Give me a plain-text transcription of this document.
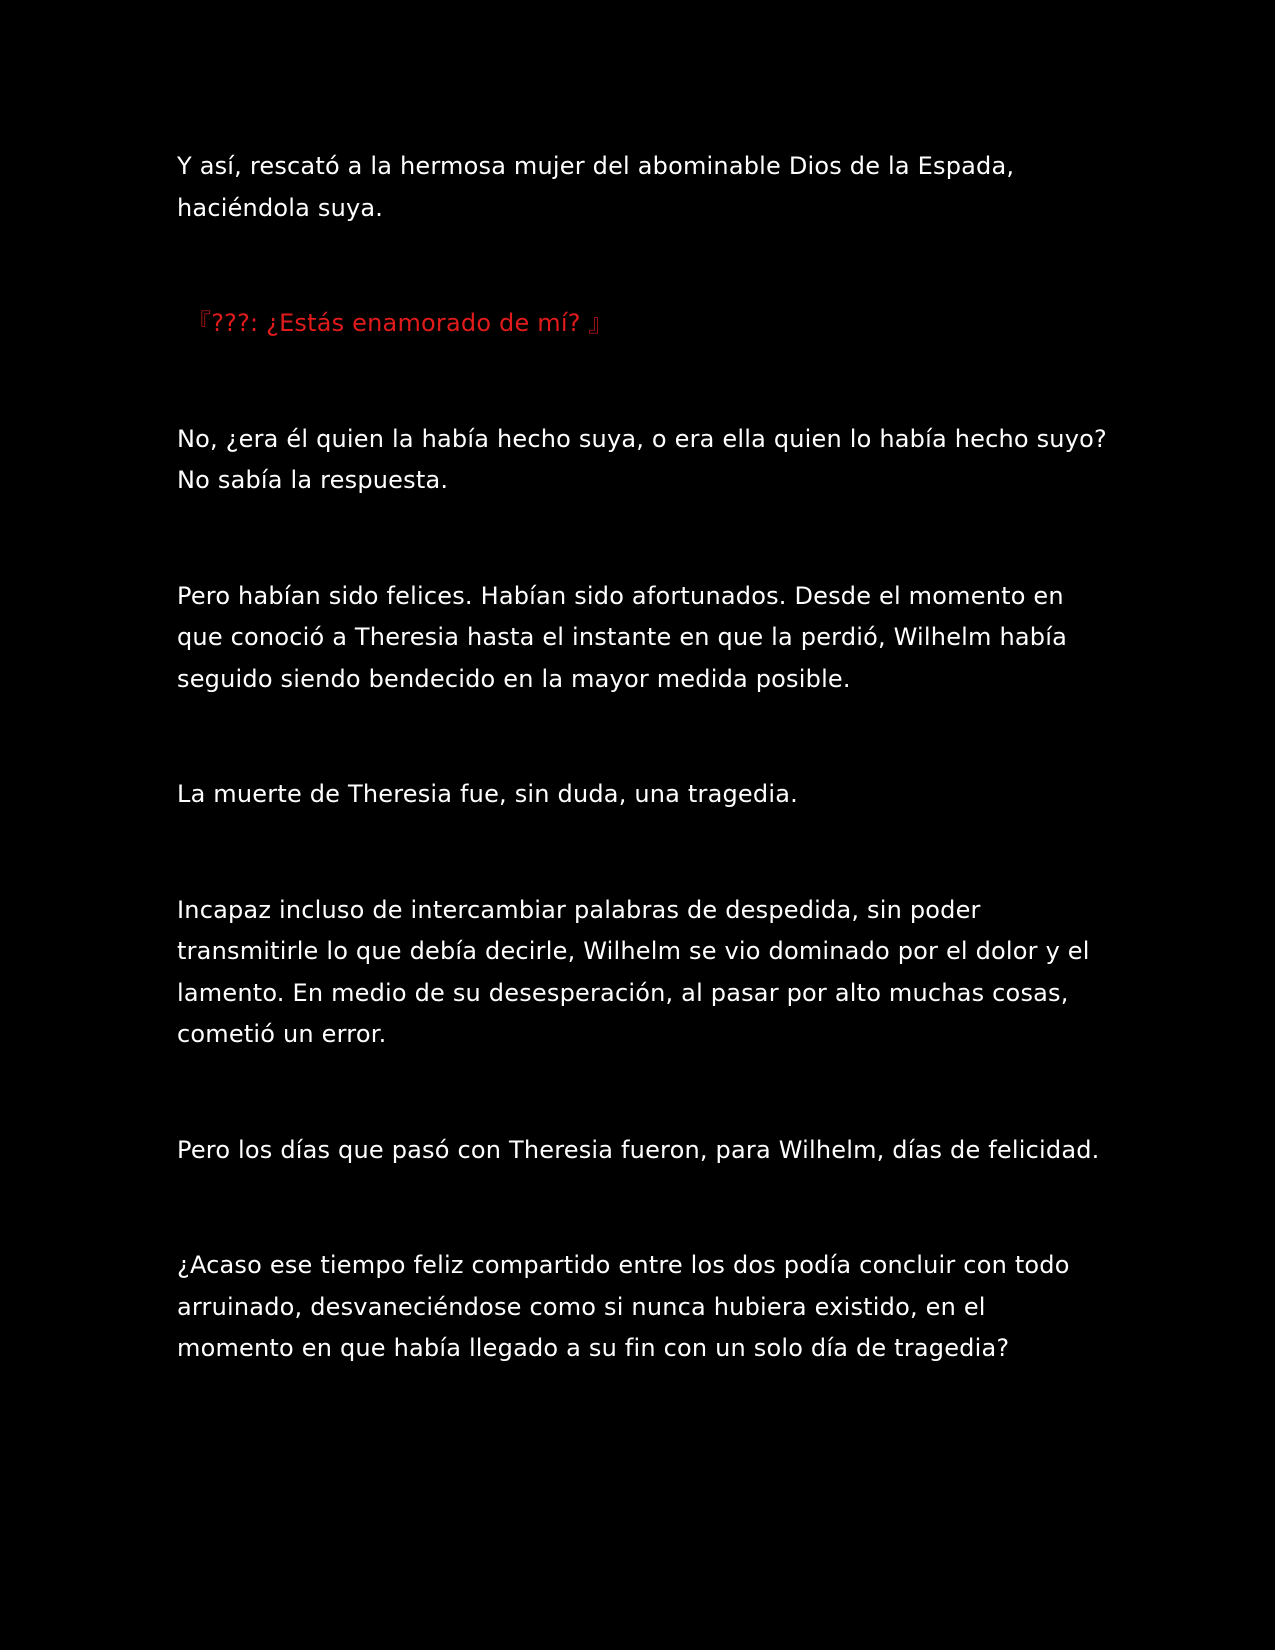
Y así, rescató a la hermosa mujer del abominable Dios de la Espada, haciéndola suya.

『???: ¿Estás enamorado de mí? 』

No, ¿era él quien la había hecho suya, o era ella quien lo había hecho suyo? No sabía la respuesta.

Pero habían sido felices. Habían sido afortunados. Desde el momento en que conoció a Theresia hasta el instante en que la perdió, Wilhelm había seguido siendo bendecido en la mayor medida posible.

La muerte de Theresia fue, sin duda, una tragedia.

Incapaz incluso de intercambiar palabras de despedida, sin poder transmitirle lo que debía decirle, Wilhelm se vio dominado por el dolor y el lamento. En medio de su desesperación, al pasar por alto muchas cosas, cometió un error.

Pero los días que pasó con Theresia fueron, para Wilhelm, días de felicidad.

¿Acaso ese tiempo feliz compartido entre los dos podía concluir con todo arruinado, desvaneciéndose como si nunca hubiera existido, en el momento en que había llegado a su fin con un solo día de tragedia?
